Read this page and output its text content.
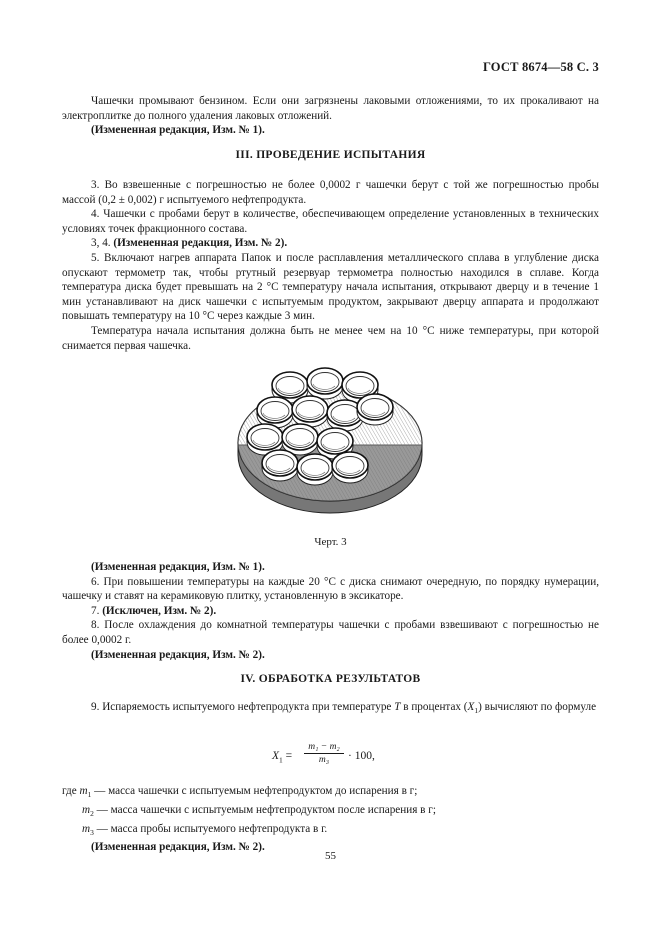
ГОСТ 8674—58 С. 3

Чашечки промывают бензином. Если они загрязнены лаковыми отложениями, то их прокаливают на электроплитке до полного удаления лаковых отложений.

(Измененная редакция, Изм. № 1).

III. ПРОВЕДЕНИЕ ИСПЫТАНИЯ

3. Во взвешенные с погрешностью не более 0,0002 г чашечки берут с той же погрешностью пробы массой (0,2 ± 0,002) г испытуемого нефтепродукта.

4. Чашечки с пробами берут в количестве, обеспечивающем определение установленных в технических условиях точек фракционного состава.

3, 4. (Измененная редакция, Изм. № 2).

5. Включают нагрев аппарата Папок и после расплавления металлического сплава в углубление диска опускают термометр так, чтобы ртутный резервуар термометра полностью находился в сплаве. Когда температура диска будет превышать на 2 °С температуру начала испытания, открывают дверцу и в течение 1 мин устанавливают на диск чашечки с испытуемым продуктом, закрывают дверцу аппарата и продолжают повышать температуру на 10 °С через каждые 3 мин.

Температура начала испытания должна быть не менее чем на 10 °С ниже температуры, при которой снимается первая чашечка.

Черт. 3

(Измененная редакция, Изм. № 1).

6. При повышении температуры на каждые 20 °С с диска снимают очередную, по порядку нумерации, чашечку и ставят на керамиковую плитку, установленную в эксикаторе.

7. (Исключен, Изм. № 2).

8. После охлаждения до комнатной температуры чашечки с пробами взвешивают с погрешностью не более 0,0002 г.

(Измененная редакция, Изм. № 2).

IV. ОБРАБОТКА РЕЗУЛЬТАТОВ

9. Испаряемость испытуемого нефтепродукта при температуре T в процентах $(X_1)$ вычисляют по формуле

$X_1 = \frac{\text{m₁ − m₂}}{\text{m₃}} \cdot 100$,

где $m_1$ — масса чашечки с испытуемым нефтепродуктом до испарения в г;

$m_2$ — масса чашечки с испытуемым нефтепродуктом после испарения в г;

$m_3$ — масса пробы испытуемого нефтепродукта в г.

(Измененная редакция, Изм. № 2).

55
